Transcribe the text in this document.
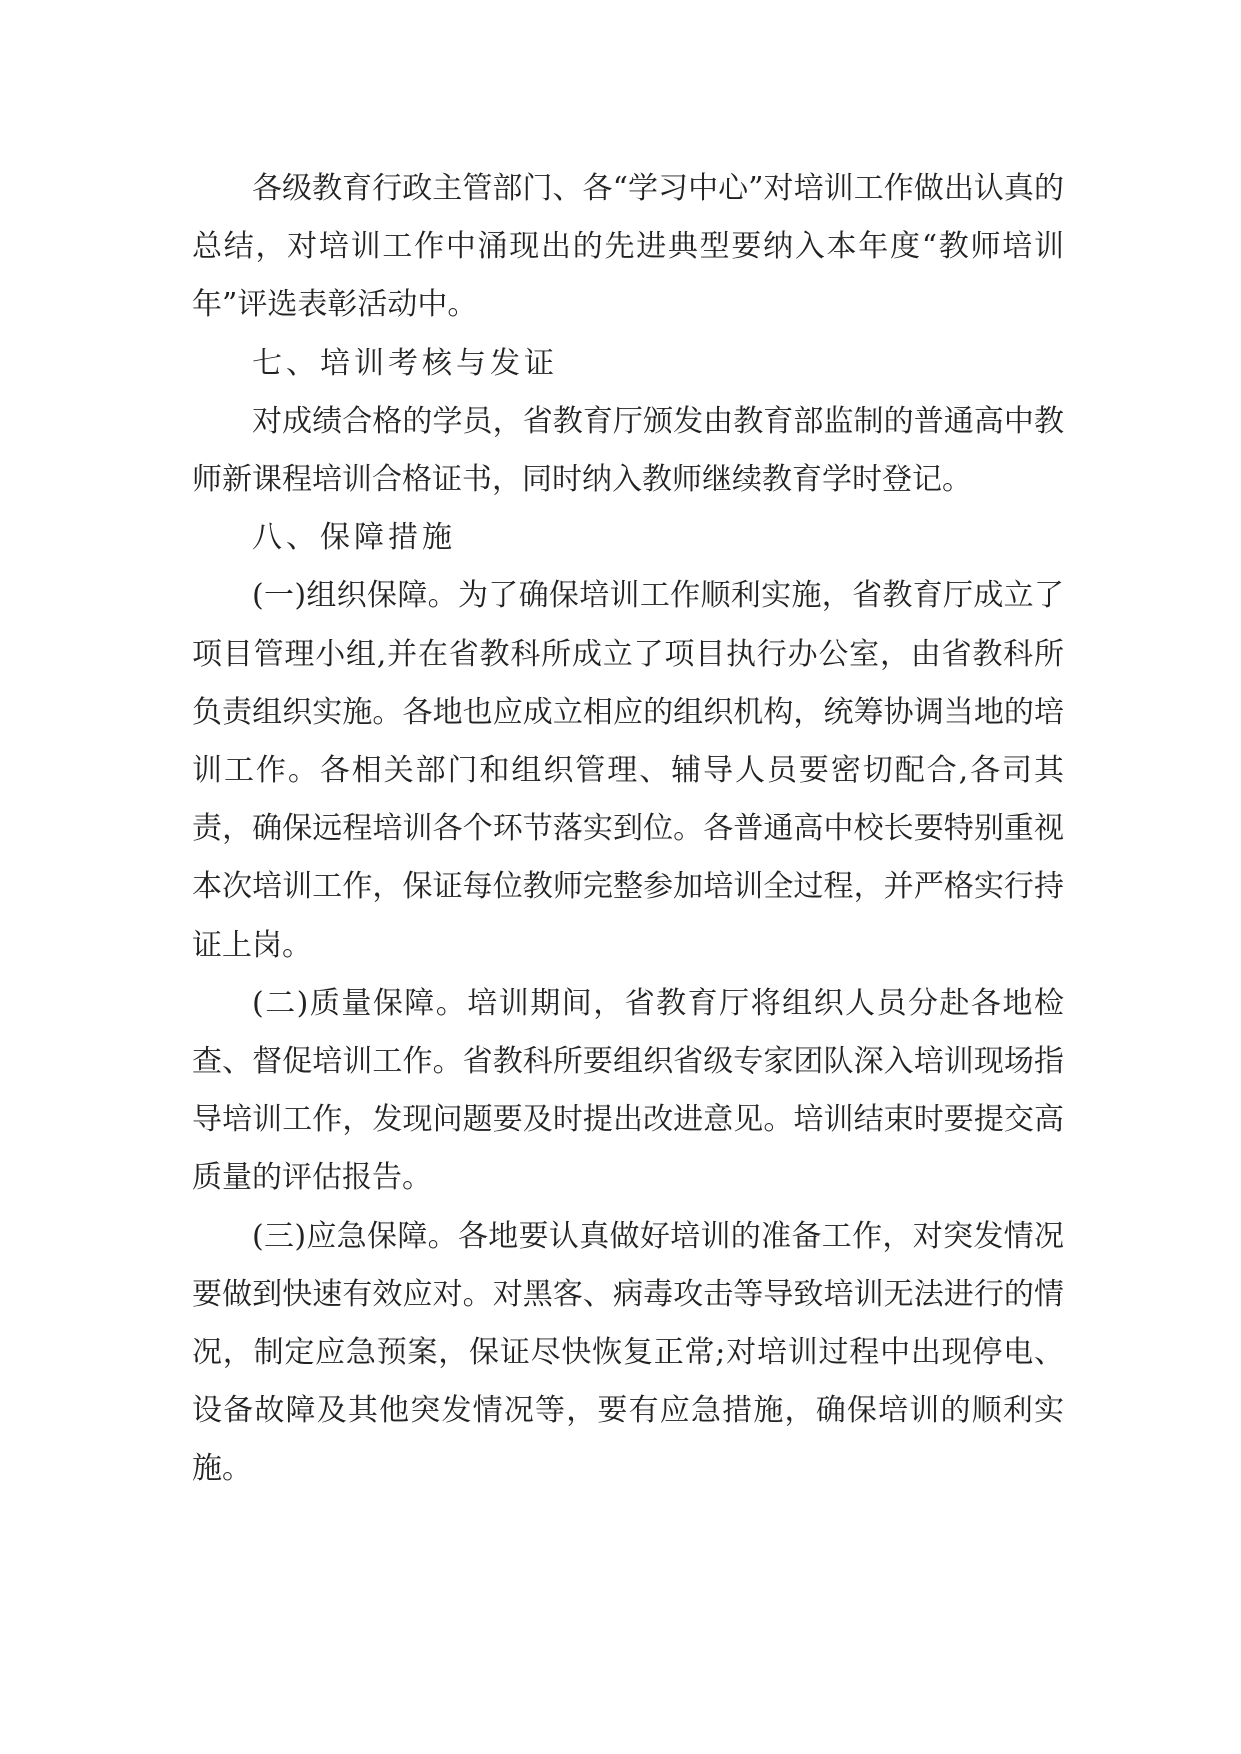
各级教育行政主管部门、各“学习中心”对培训工作做出认真的总结，对培训工作中涌现出的先进典型要纳入本年度“教师培训年”评选表彰活动中。

七、培训考核与发证

对成绩合格的学员，省教育厅颁发由教育部监制的普通高中教师新课程培训合格证书，同时纳入教师继续教育学时登记。

八、保障措施

(一)组织保障。为了确保培训工作顺利实施，省教育厅成立了项目管理小组,并在省教科所成立了项目执行办公室，由省教科所负责组织实施。各地也应成立相应的组织机构，统筹协调当地的培训工作。各相关部门和组织管理、辅导人员要密切配合,各司其责，确保远程培训各个环节落实到位。各普通高中校长要特别重视本次培训工作，保证每位教师完整参加培训全过程，并严格实行持证上岗。

(二)质量保障。培训期间，省教育厅将组织人员分赴各地检查、督促培训工作。省教科所要组织省级专家团队深入培训现场指导培训工作，发现问题要及时提出改进意见。培训结束时要提交高质量的评估报告。

(三)应急保障。各地要认真做好培训的准备工作，对突发情况要做到快速有效应对。对黑客、病毒攻击等导致培训无法进行的情况，制定应急预案，保证尽快恢复正常;对培训过程中出现停电、设备故障及其他突发情况等，要有应急措施，确保培训的顺利实施。
